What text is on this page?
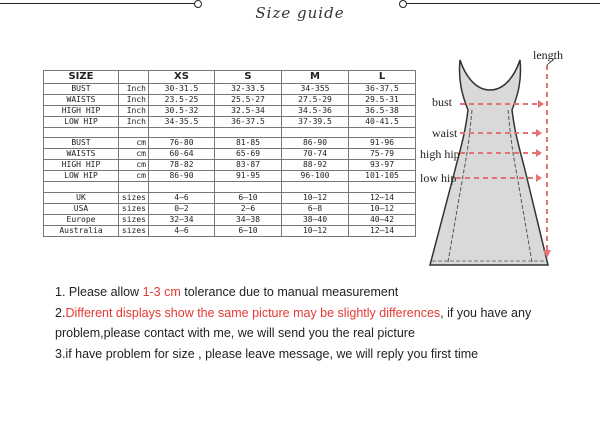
Size guide
SIZE		XS	S	M	L
BUST	Inch	30-31.5	32-33.5	34-355	36-37.5
WAISTS	Inch	23.5-25	25.5-27	27.5-29	29.5-31
HIGH HIP	Inch	30.5-32	32.5-34	34.5-36	36.5-38
LOW HIP	Inch	34-35.5	36-37.5	37-39.5	40-41.5

BUST	cm	76-80	81-85	86-90	91-96
WAISTS	cm	60-64	65-69	70-74	75-79
HIGH HIP	cm	78-82	83-87	88-92	93-97
LOW HIP	cm	86-90	91-95	96-100	101-105

UK	sizes	4—6	6—10	10—12	12—14
USA	sizes	0—2	2—6	6—8	10—12
Europe	sizes	32—34	34—38	38—40	40—42
Australia	sizes	4—6	6—10	10—12	12—14
length
bust
waist
high hip
low hip
1. Please allow 1-3 cm tolerance due to manual measurement
2.Different displays show the same picture may be slightly differences, if you have any
problem,please contact with me, we will send you the real picture
3.if have problem for size , please leave message, we will reply you first time
